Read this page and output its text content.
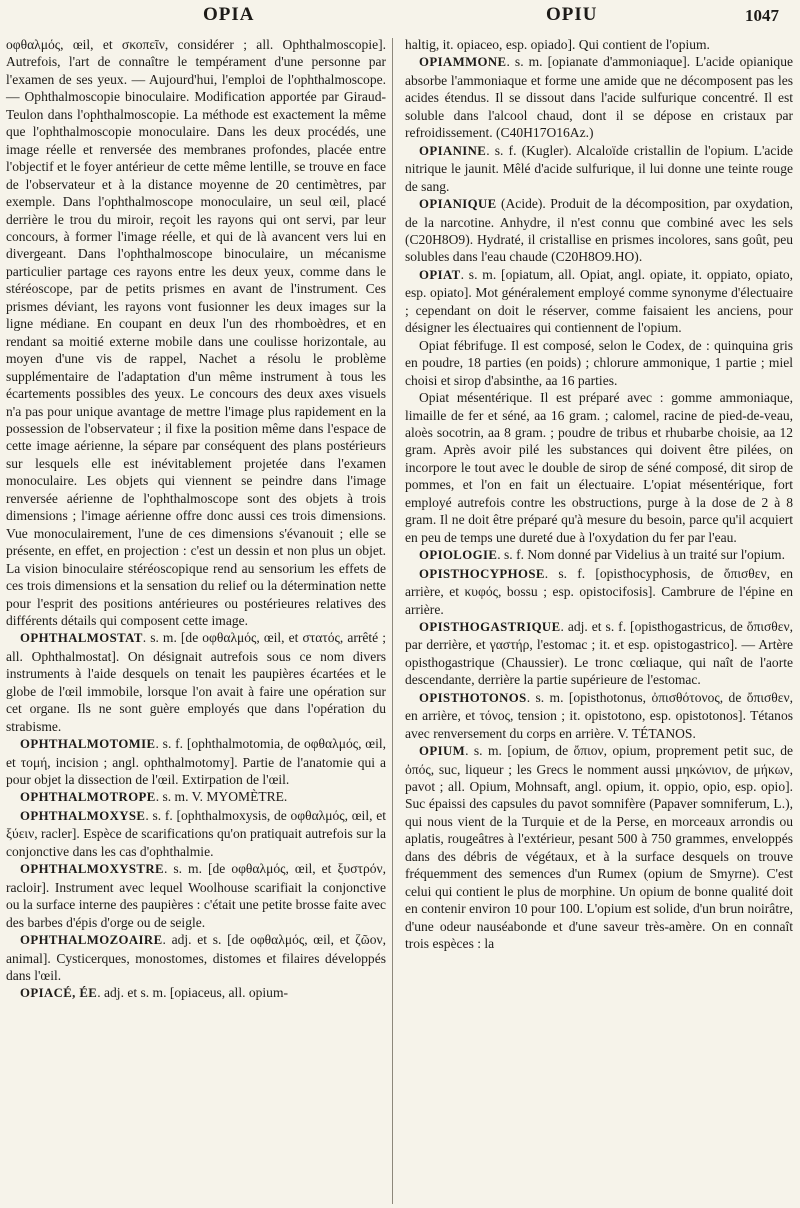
OPIA	OPIU	1047

οφθαλμός, œil, et σκοπεῖν, considérer ; all. Ophthalmoscopie]. Autrefois, l'art de connaître le tempérament d'une personne par l'examen de ses yeux. — Aujourd'hui, l'emploi de l'ophthalmoscope. — Ophthalmoscopie binoculaire. Modification apportée par Giraud-Teulon dans l'ophthalmoscopie. La méthode est exactement la même que l'ophthalmoscopie monoculaire. Dans les deux procédés, une image réelle et renversée des membranes profondes, placée entre l'objectif et le foyer antérieur de cette même lentille, se trouve en face de l'observateur et à la distance moyenne de 20 centimètres, par exemple. Dans l'ophthalmoscope monoculaire, un seul œil, placé derrière le trou du miroir, reçoit les rayons qui ont servi, par leur concours, à former l'image réelle, et qui de là avancent vers lui en divergeant. Dans l'ophthalmoscope binoculaire, un mécanisme particulier partage ces rayons entre les deux yeux, comme dans le stéréoscope, par de petits prismes en avant de l'instrument. Ces prismes déviant, les rayons vont fusionner les deux images sur la ligne médiane. En coupant en deux l'un des rhomboèdres, et en rendant sa moitié externe mobile dans une coulisse horizontale, au moyen d'une vis de rappel, Nachet a résolu le problème supplémentaire de l'adaptation d'un même instrument à tous les écartements possibles des yeux. Le concours des deux axes visuels n'a pas pour unique avantage de mettre l'image plus rapidement en la possession de l'observateur ; il fixe la position même dans l'espace de cette image aérienne, la sépare par conséquent des plans postérieurs sur lesquels elle est inévitablement projetée dans l'examen monoculaire. Les objets qui viennent se peindre dans l'image renversée aérienne de l'ophthalmoscope sont des objets à trois dimensions ; l'image aérienne offre donc aussi ces trois dimensions. Vue monoculairement, l'une de ces dimensions s'évanouit ; elle se présente, en effet, en projection : c'est un dessin et non plus un objet. La vision binoculaire stéréoscopique rend au sensorium les effets de ces trois dimensions et la sensation du relief ou la détermination nette pour l'esprit des positions antérieures ou postérieures relatives des différents détails qui composent cette image.

OPHTHALMOSTAT. s. m. [de οφθαλμός, œil, et στατός, arrêté ; all. Ophthalmostat]. On désignait autrefois sous ce nom divers instruments à l'aide desquels on tenait les paupières écartées et le globe de l'œil immobile, lorsque l'on avait à faire une opération sur cet organe. Ils ne sont guère employés que dans l'opération du strabisme.

OPHTHALMOTOMIE. s. f. [ophthalmotomia, de οφθαλμός, œil, et τομή, incision ; angl. ophthalmotomy]. Partie de l'anatomie qui a pour objet la dissection de l'œil. Extirpation de l'œil.

OPHTHALMOTROPE. s. m. V. MYOMÈTRE.

OPHTHALMOXYSE. s. f. [ophthalmoxysis, de οφθαλμός, œil, et ξύειν, racler]. Espèce de scarifications qu'on pratiquait autrefois sur la conjonctive dans les cas d'ophthalmie.

OPHTHALMOXYSTRE. s. m. [de οφθαλμός, œil, et ξυστρόν, racloir]. Instrument avec lequel Woolhouse scarifiait la conjonctive ou la surface interne des paupières : c'était une petite brosse faite avec des barbes d'épis d'orge ou de seigle.

OPHTHALMOZOAIRE. adj. et s. [de οφθαλμός, œil, et ζῶον, animal]. Cysticerques, monostomes, distomes et filaires développés dans l'œil.

OPIACÉ, ÉE. adj. et s. m. [opiaceus, all. opium-

haltig, it. opiaceo, esp. opiado]. Qui contient de l'opium.

OPIAMMONE. s. m. [opianate d'ammoniaque]. L'acide opianique absorbe l'ammoniaque et forme une amide que ne décomposent pas les acides étendus. Il se dissout dans l'acide sulfurique concentré. Il est soluble dans l'alcool chaud, dont il se dépose en cristaux par refroidissement. (C40H17O16Az.)

OPIANINE. s. f. (Kugler). Alcaloïde cristallin de l'opium. L'acide nitrique le jaunit. Mêlé d'acide sulfurique, il lui donne une teinte rouge de sang.

OPIANIQUE (Acide). Produit de la décomposition, par oxydation, de la narcotine. Anhydre, il n'est connu que combiné avec les sels (C20H8O9). Hydraté, il cristallise en prismes incolores, sans goût, peu solubles dans l'eau chaude (C20H8O9.HO).

OPIAT. s. m. [opiatum, all. Opiat, angl. opiate, it. oppiato, opiato, esp. opiato]. Mot généralement employé comme synonyme d'électuaire ; cependant on doit le réserver, comme faisaient les anciens, pour désigner les électuaires qui contiennent de l'opium.

Opiat fébrifuge. Il est composé, selon le Codex, de : quinquina gris en poudre, 18 parties (en poids) ; chlorure ammonique, 1 partie ; miel choisi et sirop d'absinthe, aa 16 parties.

Opiat mésentérique. Il est préparé avec : gomme ammoniaque, limaille de fer et séné, aa 16 gram. ; calomel, racine de pied-de-veau, aloès socotrin, aa 8 gram. ; poudre de tribus et rhubarbe choisie, aa 12 gram. Après avoir pilé les substances qui doivent être pilées, on incorpore le tout avec le double de sirop de séné composé, dit sirop de pommes, et l'on en fait un électuaire. L'opiat mésentérique, fort employé autrefois contre les obstructions, purge à la dose de 2 à 8 gram. Il ne doit être préparé qu'à mesure du besoin, parce qu'il acquiert en peu de temps une dureté due à l'oxydation du fer par l'eau.

OPIOLOGIE. s. f. Nom donné par Videlius à un traité sur l'opium.

OPISTHOCYPHOSE. s. f. [opisthocyphosis, de ὄπισθεν, en arrière, et κυφός, bossu ; esp. opistocifosis]. Cambrure de l'épine en arrière.

OPISTHOGASTRIQUE. adj. et s. f. [opisthogastricus, de ὄπισθεν, par derrière, et γαστήρ, l'estomac ; it. et esp. opistogastrico]. — Artère opisthogastrique (Chaussier). Le tronc cœliaque, qui naît de l'aorte descendante, derrière la partie supérieure de l'estomac.

OPISTHOTONOS. s. m. [opisthotonus, ὀπισθότονος, de ὄπισθεν, en arrière, et τόνος, tension ; it. opistotono, esp. opistotonos]. Tétanos avec renversement du corps en arrière. V. TÉTANOS.

OPIUM. s. m. [opium, de ὄπιον, opium, proprement petit suc, de ὀπός, suc, liqueur ; les Grecs le nomment aussi μηκώνιον, de μήκων, pavot ; all. Opium, Mohnsaft, angl. opium, it. oppio, opio, esp. opio]. Suc épaissi des capsules du pavot somnifère (Papaver somniferum, L.), qui nous vient de la Turquie et de la Perse, en morceaux arrondis ou aplatis, rougeâtres à l'extérieur, pesant 500 à 750 grammes, enveloppés dans des débris de végétaux, et à la surface desquels on trouve fréquemment des semences d'un Rumex (opium de Smyrne). C'est celui qui contient le plus de morphine. Un opium de bonne qualité doit en contenir environ 10 pour 100. L'opium est solide, d'un brun noirâtre, d'une odeur nauséabonde et d'une saveur très-amère. On en connaît trois espèces : la
